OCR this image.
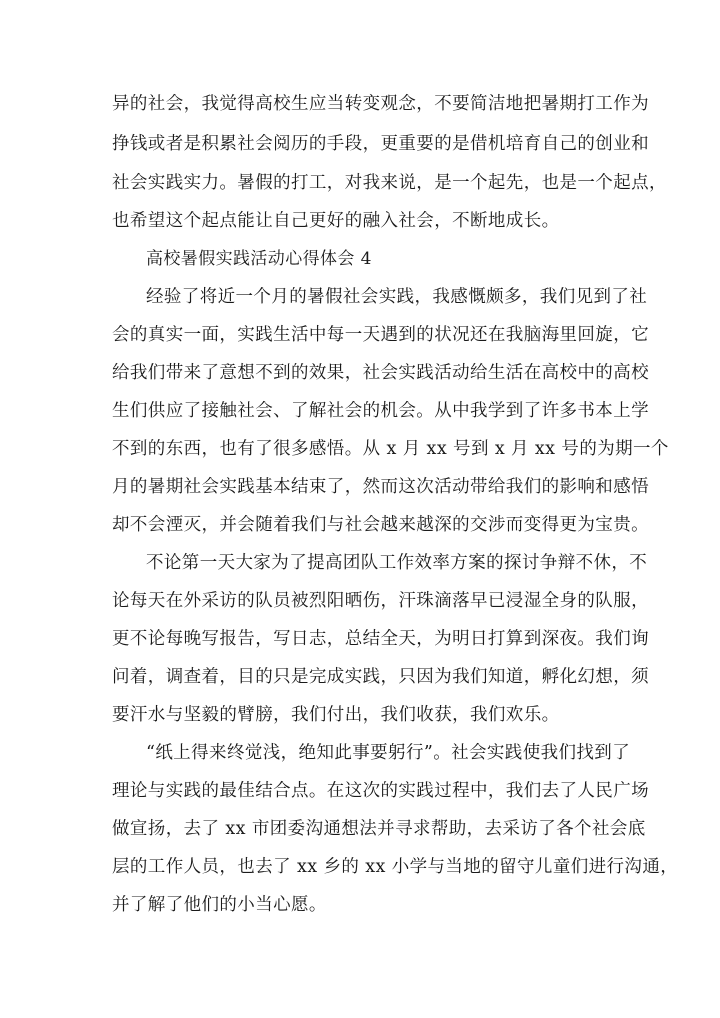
异的社会，我觉得高校生应当转变观念，不要简洁地把暑期打工作为
挣钱或者是积累社会阅历的手段，更重要的是借机培育自己的创业和
社会实践实力。暑假的打工，对我来说，是一个起先，也是一个起点，
也希望这个起点能让自己更好的融入社会，不断地成长。
高校暑假实践活动心得体会 4
经验了将近一个月的暑假社会实践，我感慨颇多，我们见到了社
会的真实一面，实践生活中每一天遇到的状况还在我脑海里回旋，它
给我们带来了意想不到的效果，社会实践活动给生活在高校中的高校
生们供应了接触社会、了解社会的机会。从中我学到了许多书本上学
不到的东西，也有了很多感悟。从 x 月 xx 号到 x 月 xx 号的为期一个
月的暑期社会实践基本结束了，然而这次活动带给我们的影响和感悟
却不会湮灭，并会随着我们与社会越来越深的交涉而变得更为宝贵。
不论第一天大家为了提高团队工作效率方案的探讨争辩不休，不
论每天在外采访的队员被烈阳晒伤，汗珠滴落早已浸湿全身的队服，
更不论每晚写报告，写日志，总结全天，为明日打算到深夜。我们询
问着，调查着，目的只是完成实践，只因为我们知道，孵化幻想，须
要汗水与坚毅的臂膀，我们付出，我们收获，我们欢乐。
“纸上得来终觉浅，绝知此事要躬行”。社会实践使我们找到了
理论与实践的最佳结合点。在这次的实践过程中，我们去了人民广场
做宣扬，去了 xx 市团委沟通想法并寻求帮助，去采访了各个社会底
层的工作人员，也去了 xx 乡的 xx 小学与当地的留守儿童们进行沟通，
并了解了他们的小当心愿。
